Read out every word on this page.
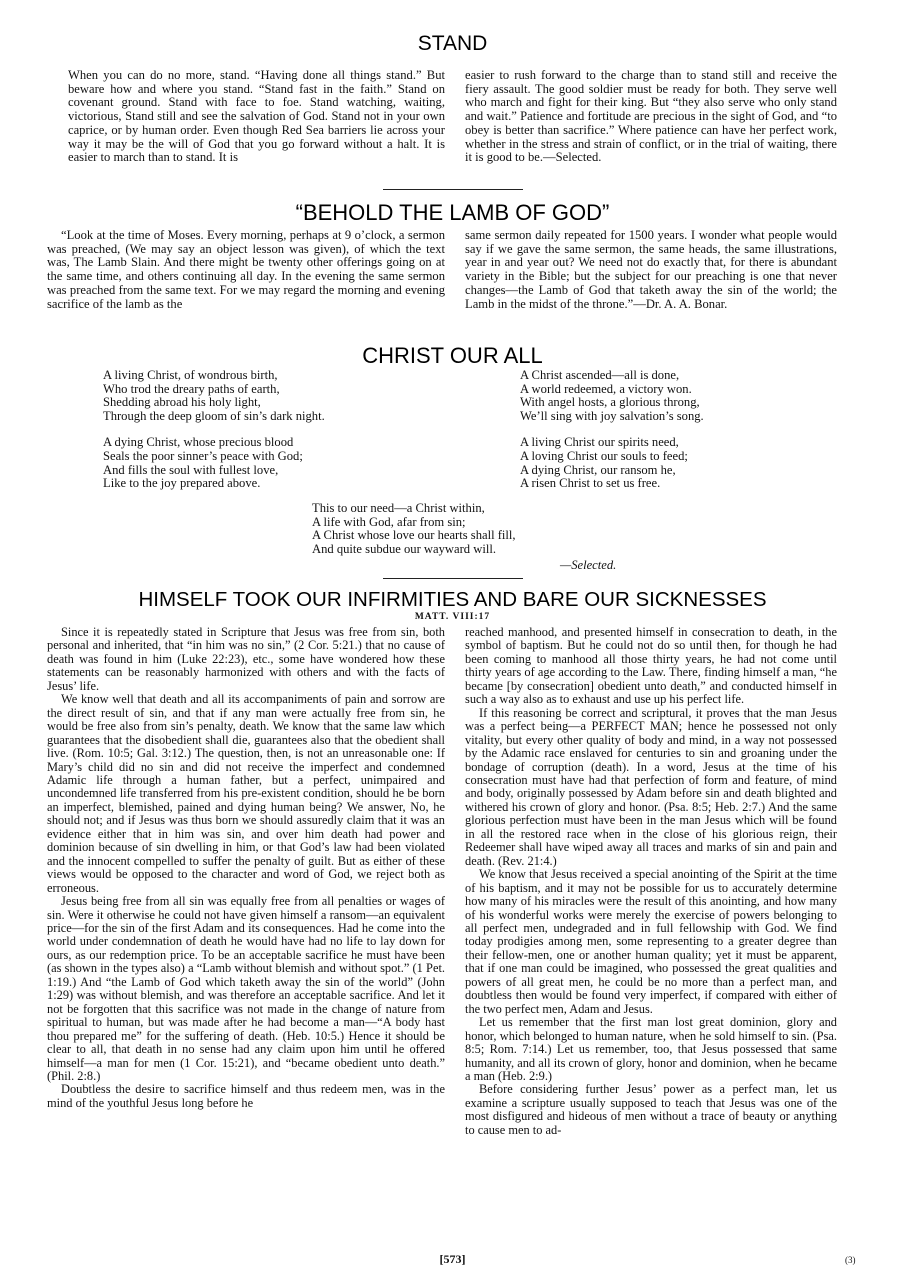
STAND

When you can do no more, stand. “Having done all things stand.” But beware how and where you stand. “Stand fast in the faith.” Stand on covenant ground. Stand with face to foe. Stand watching, waiting, victorious, Stand still and see the salvation of God. Stand not in your own caprice, or by human order. Even though Red Sea barriers lie across your way it may be the will of God that you go forward without a halt. It is easier to march than to stand. It is

easier to rush forward to the charge than to stand still and receive the fiery assault. The good soldier must be ready for both. They serve well who march and fight for their king. But “they also serve who only stand and wait.” Patience and fortitude are precious in the sight of God, and “to obey is better than sacrifice.” Where patience can have her perfect work, whether in the stress and strain of conflict, or in the trial of waiting, there it is good to be.—Selected.

“BEHOLD THE LAMB OF GOD”

“Look at the time of Moses. Every morning, perhaps at 9 o’clock, a sermon was preached, (We may say an object lesson was given), of which the text was, The Lamb Slain. And there might be twenty other offerings going on at the same time, and others continuing all day. In the evening the same sermon was preached from the same text. For we may regard the morning and evening sacrifice of the lamb as the

same sermon daily repeated for 1500 years. I wonder what people would say if we gave the same sermon, the same heads, the same illustrations, year in and year out? We need not do exactly that, for there is abundant variety in the Bible; but the subject for our preaching is one that never changes—the Lamb of God that taketh away the sin of the world; the Lamb in the midst of the throne.”—Dr. A. A. Bonar.

CHRIST OUR ALL
A living Christ, of wondrous birth,
Who trod the dreary paths of earth,
Shedding abroad his holy light,
Through the deep gloom of sin’s dark night.
A dying Christ, whose precious blood
Seals the poor sinner’s peace with God;
And fills the soul with fullest love,
Like to the joy prepared above.
A Christ ascended—all is done,
A world redeemed, a victory won.
With angel hosts, a glorious throng,
We’ll sing with joy salvation’s song.
A living Christ our spirits need,
A loving Christ our souls to feed;
A dying Christ, our ransom he,
A risen Christ to set us free.
This to our need—a Christ within,
A life with God, afar from sin;
A Christ whose love our hearts shall fill,
And quite subdue our wayward will.
—Selected.
HIMSELF TOOK OUR INFIRMITIES AND BARE OUR SICKNESSES
MATT. VIII:17

Since it is repeatedly stated in Scripture that Jesus was free from sin, both personal and inherited, that “in him was no sin,” (2 Cor. 5:21.) that no cause of death was found in him (Luke 22:23), etc., some have wondered how these statements can be reasonably harmonized with others and with the facts of Jesus’ life.

We know well that death and all its accompaniments of pain and sorrow are the direct result of sin, and that if any man were actually free from sin, he would be free also from sin’s penalty, death. We know that the same law which guarantees that the disobedient shall die, guarantees also that the obedient shall live. (Rom. 10:5; Gal. 3:12.) The question, then, is not an unreasonable one: If Mary’s child did no sin and did not receive the imperfect and condemned Adamic life through a human father, but a perfect, unimpaired and uncondemned life transferred from his pre-existent condition, should he be born an imperfect, blemished, pained and dying human being? We answer, No, he should not; and if Jesus was thus born we should assuredly claim that it was an evidence either that in him was sin, and over him death had power and dominion because of sin dwelling in him, or that God’s law had been violated and the innocent compelled to suffer the penalty of guilt. But as either of these views would be opposed to the character and word of God, we reject both as erroneous.

Jesus being free from all sin was equally free from all penalties or wages of sin. Were it otherwise he could not have given himself a ransom—an equivalent price—for the sin of the first Adam and its consequences. Had he come into the world under condemnation of death he would have had no life to lay down for ours, as our redemption price. To be an acceptable sacrifice he must have been (as shown in the types also) a “Lamb without blemish and without spot.” (1 Pet. 1:19.) And “the Lamb of God which taketh away the sin of the world” (John 1:29) was without blemish, and was therefore an acceptable sacrifice. And let it not be forgotten that this sacrifice was not made in the change of nature from spiritual to human, but was made after he had become a man—“A body hast thou prepared me” for the suffering of death. (Heb. 10:5.) Hence it should be clear to all, that death in no sense had any claim upon him until he offered himself—a man for men (1 Cor. 15:21), and “became obedient unto death.” (Phil. 2:8.)

Doubtless the desire to sacrifice himself and thus redeem men, was in the mind of the youthful Jesus long before he

reached manhood, and presented himself in consecration to death, in the symbol of baptism. But he could not do so until then, for though he had been coming to manhood all those thirty years, he had not come until thirty years of age according to the Law. There, finding himself a man, “he became [by consecration] obedient unto death,” and conducted himself in such a way also as to exhaust and use up his perfect life.

If this reasoning be correct and scriptural, it proves that the man Jesus was a perfect being—a PERFECT MAN; hence he possessed not only vitality, but every other quality of body and mind, in a way not possessed by the Adamic race enslaved for centuries to sin and groaning under the bondage of corruption (death). In a word, Jesus at the time of his consecration must have had that perfection of form and feature, of mind and body, originally possessed by Adam before sin and death blighted and withered his crown of glory and honor. (Psa. 8:5; Heb. 2:7.) And the same glorious perfection must have been in the man Jesus which will be found in all the restored race when in the close of his glorious reign, their Redeemer shall have wiped away all traces and marks of sin and pain and death. (Rev. 21:4.)

We know that Jesus received a special anointing of the Spirit at the time of his baptism, and it may not be possible for us to accurately determine how many of his miracles were the result of this anointing, and how many of his wonderful works were merely the exercise of powers belonging to all perfect men, undegraded and in full fellowship with God. We find today prodigies among men, some representing to a greater degree than their fellow-men, one or another human quality; yet it must be apparent, that if one man could be imagined, who possessed the great qualities and powers of all great men, he could be no more than a perfect man, and doubtless then would be found very imperfect, if compared with either of the two perfect men, Adam and Jesus.

Let us remember that the first man lost great dominion, glory and honor, which belonged to human nature, when he sold himself to sin. (Psa. 8:5; Rom. 7:14.) Let us remember, too, that Jesus possessed that same humanity, and all its crown of glory, honor and dominion, when he became a man (Heb. 2:9.)

Before considering further Jesus’ power as a perfect man, let us examine a scripture usually supposed to teach that Jesus was one of the most disfigured and hideous of men without a trace of beauty or anything to cause men to ad-

[573]	(3)
